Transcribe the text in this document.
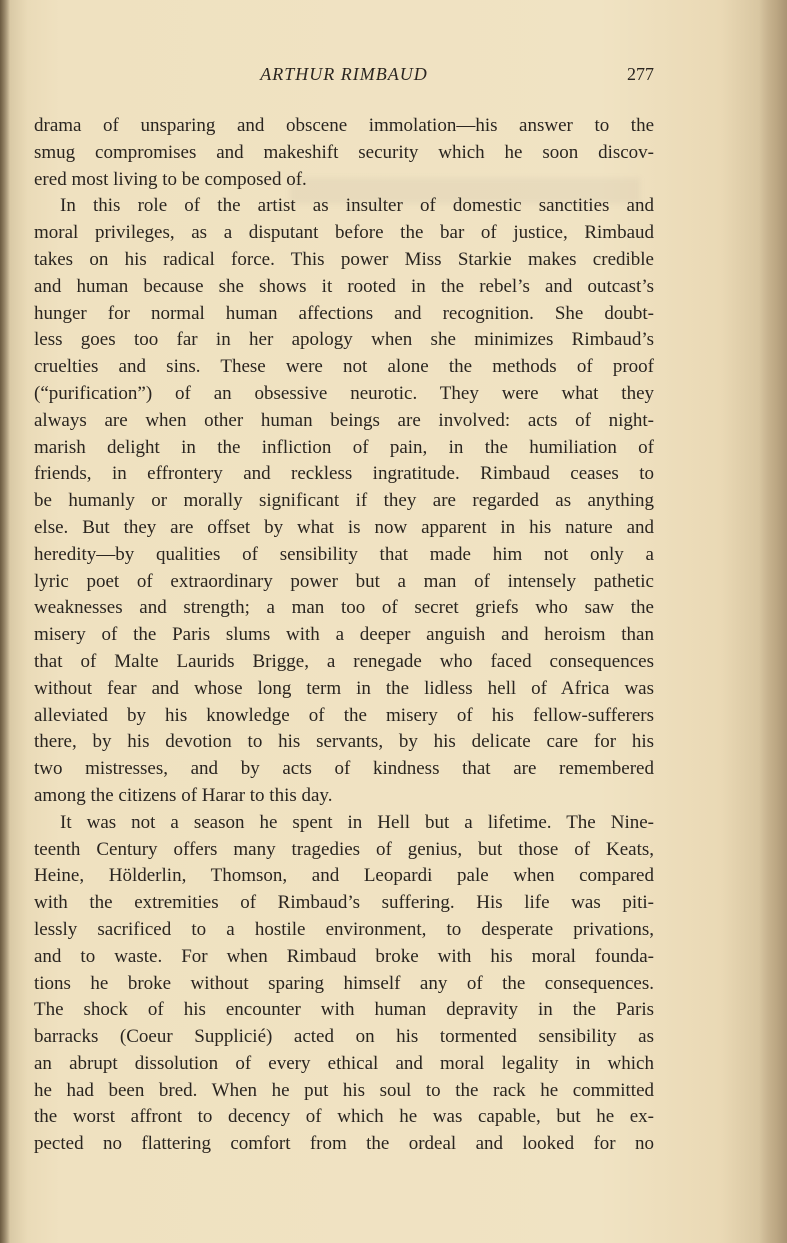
ARTHUR RIMBAUD	277
drama of unsparing and obscene immolation—his answer to the
smug compromises and makeshift security which he soon discov-
ered most living to be composed of.
In this role of the artist as insulter of domestic sanctities and
moral privileges, as a disputant before the bar of justice, Rimbaud
takes on his radical force. This power Miss Starkie makes credible
and human because she shows it rooted in the rebel’s and outcast’s
hunger for normal human affections and recognition. She doubt-
less goes too far in her apology when she minimizes Rimbaud’s
cruelties and sins. These were not alone the methods of proof
(“purification”) of an obsessive neurotic. They were what they
always are when other human beings are involved: acts of night-
marish delight in the infliction of pain, in the humiliation of
friends, in effrontery and reckless ingratitude. Rimbaud ceases to
be humanly or morally significant if they are regarded as anything
else. But they are offset by what is now apparent in his nature and
heredity—by qualities of sensibility that made him not only a
lyric poet of extraordinary power but a man of intensely pathetic
weaknesses and strength; a man too of secret griefs who saw the
misery of the Paris slums with a deeper anguish and heroism than
that of Malte Laurids Brigge, a renegade who faced consequences
without fear and whose long term in the lidless hell of Africa was
alleviated by his knowledge of the misery of his fellow-sufferers
there, by his devotion to his servants, by his delicate care for his
two mistresses, and by acts of kindness that are remembered
among the citizens of Harar to this day.
It was not a season he spent in Hell but a lifetime. The Nine-
teenth Century offers many tragedies of genius, but those of Keats,
Heine, Hölderlin, Thomson, and Leopardi pale when compared
with the extremities of Rimbaud’s suffering. His life was piti-
lessly sacrificed to a hostile environment, to desperate privations,
and to waste. For when Rimbaud broke with his moral founda-
tions he broke without sparing himself any of the consequences.
The shock of his encounter with human depravity in the Paris
barracks (Coeur Supplicié) acted on his tormented sensibility as
an abrupt dissolution of every ethical and moral legality in which
he had been bred. When he put his soul to the rack he committed
the worst affront to decency of which he was capable, but he ex-
pected no flattering comfort from the ordeal and looked for no
